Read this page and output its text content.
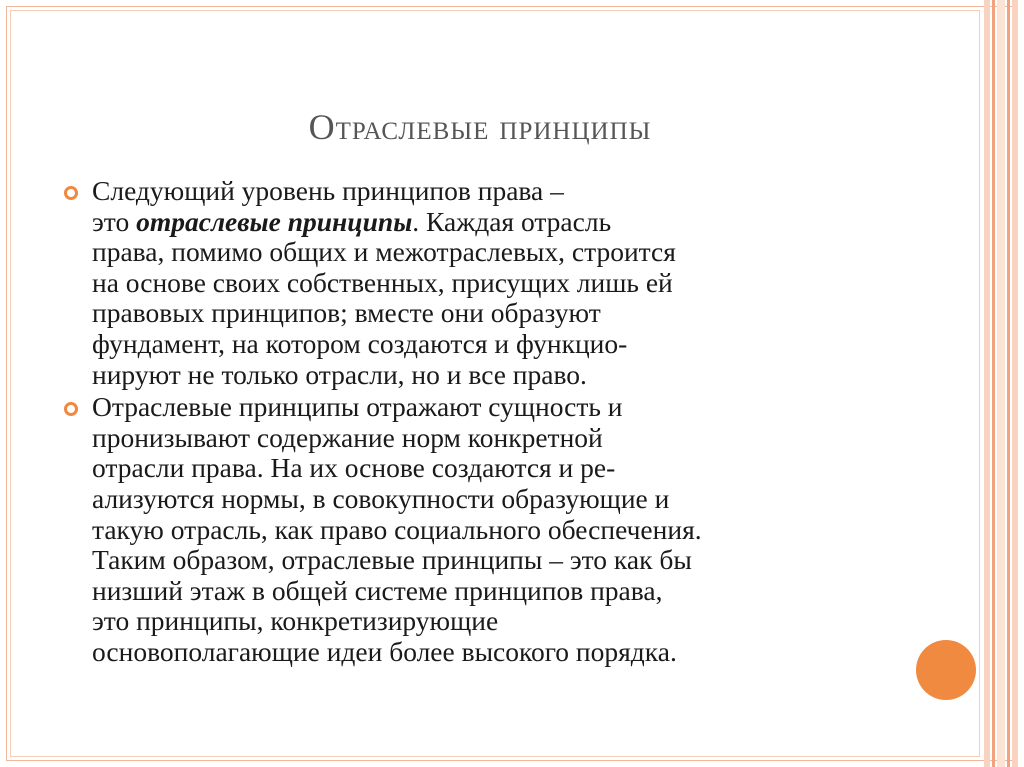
Отраслевые принципы
Следующий уровень принципов права –
это отраслевые принципы. Каждая отрасль
права, помимо общих и межотраслевых, строится
на основе своих собственных, присущих лишь ей
правовых принципов; вместе они образуют
фундамент, на котором создаются и функцио-
нируют не только отрасли, но и все право.
Отраслевые принципы отражают сущность и
пронизывают содержание норм конкретной
отрасли права. На их основе создаются и ре-
ализуются нормы, в совокупности образующие и
такую отрасль, как право социального обеспечения.
Таким образом, отраслевые принципы – это как бы
низший этаж в общей системе принципов права,
это принципы, конкретизирующие
основополагающие идеи более высокого порядка.
